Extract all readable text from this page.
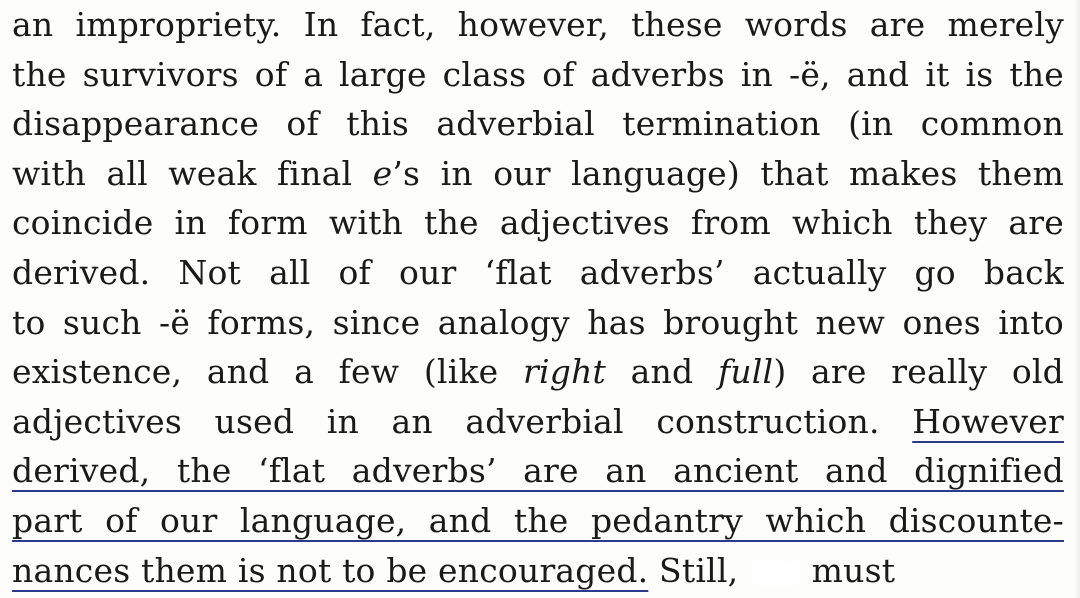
an impropriety. In fact, however, these words are merely
the survivors of a large class of adverbs in -ë, and it is the
disappearance of this adverbial termination (in common
with all weak final e’s in our language) that makes them
coincide in form with the adjectives from which they are
derived. Not all of our ‘flat adverbs’ actually go back
to such -ë forms, since analogy has brought new ones into
existence, and a few (like right and full) are really old
adjectives used in an adverbial construction. However
derived, the ‘flat adverbs’ are an ancient and dignified
part of our language, and the pedantry which discounte-
nances them is not to be encouraged. Still,  must
